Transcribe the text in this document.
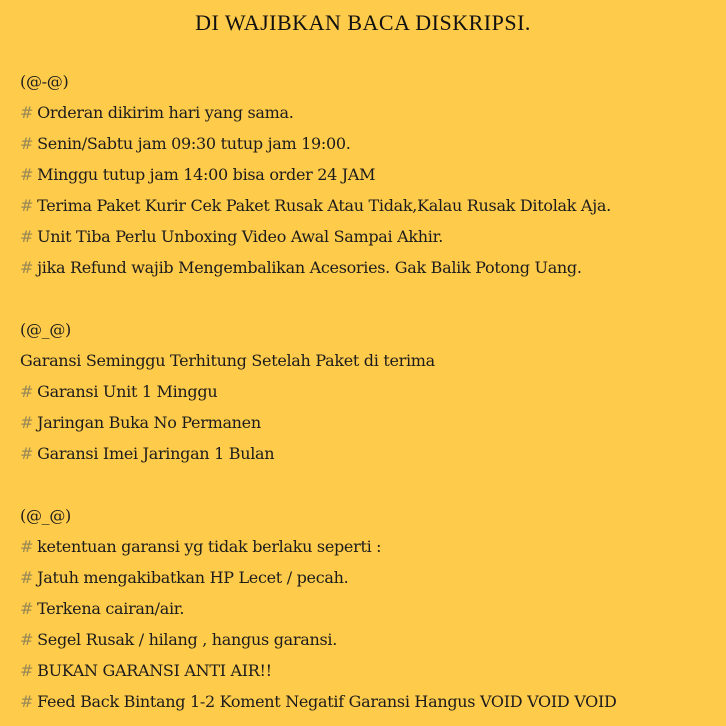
DI WAJIBKAN BACA DISKRIPSI.
(@-@)
# Orderan dikirim hari yang sama.
# Senin/Sabtu jam 09:30 tutup jam 19:00.
# Minggu tutup jam 14:00 bisa order 24 JAM
# Terima Paket Kurir Cek Paket Rusak Atau Tidak,Kalau Rusak Ditolak Aja.
# Unit Tiba Perlu Unboxing Video Awal Sampai Akhir.
# jika Refund wajib Mengembalikan Acesories. Gak Balik Potong Uang.
(@_@)
Garansi Seminggu Terhitung Setelah Paket di terima
# Garansi Unit 1 Minggu
# Jaringan Buka No Permanen
# Garansi Imei Jaringan 1 Bulan
(@_@)
# ketentuan garansi yg tidak berlaku seperti :
# Jatuh mengakibatkan HP Lecet / pecah.
# Terkena cairan/air.
# Segel Rusak / hilang , hangus garansi.
# BUKAN GARANSI ANTI AIR!!
# Feed Back Bintang 1-2 Koment Negatif Garansi Hangus VOID VOID VOID
